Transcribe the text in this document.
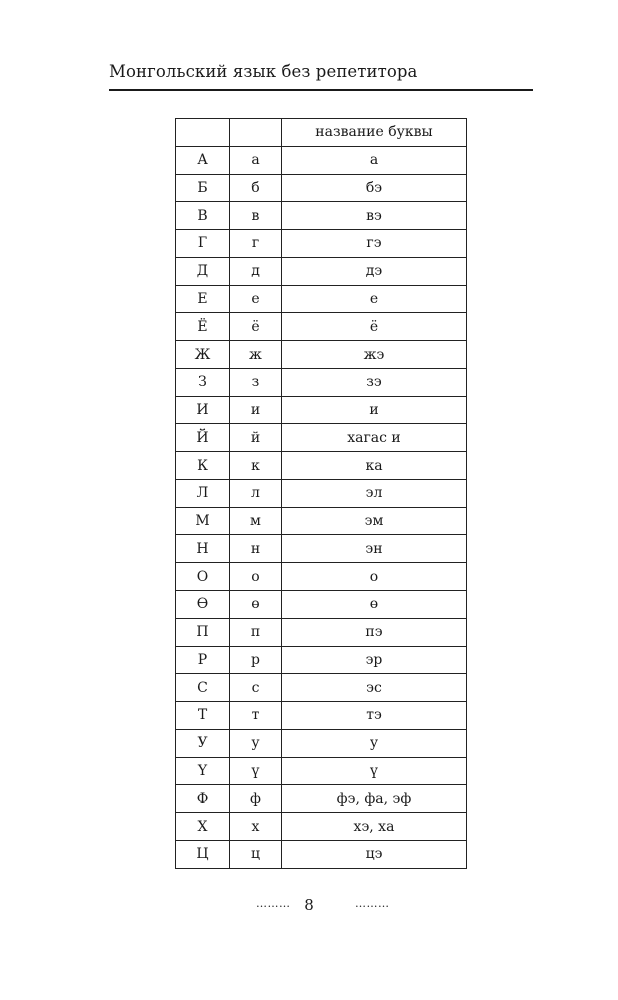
Монгольский язык без репетитора
		название буквы
А	а	а
Б	б	бэ
В	в	вэ
Г	г	гэ
Д	д	дэ
Е	е	е
Ё	ё	ё
Ж	ж	жэ
З	з	зэ
И	и	и
Й	й	хагас и
К	к	ка
Л	л	эл
М	м	эм
Н	н	эн
О	о	о
Ө	ө	ө
П	п	пэ
Р	р	эр
С	с	эс
Т	т	тэ
У	у	у
Ү	ү	ү
Ф	ф	фэ, фа, эф
Х	х	хэ, ха
Ц	ц	цэ
……… 8	………
